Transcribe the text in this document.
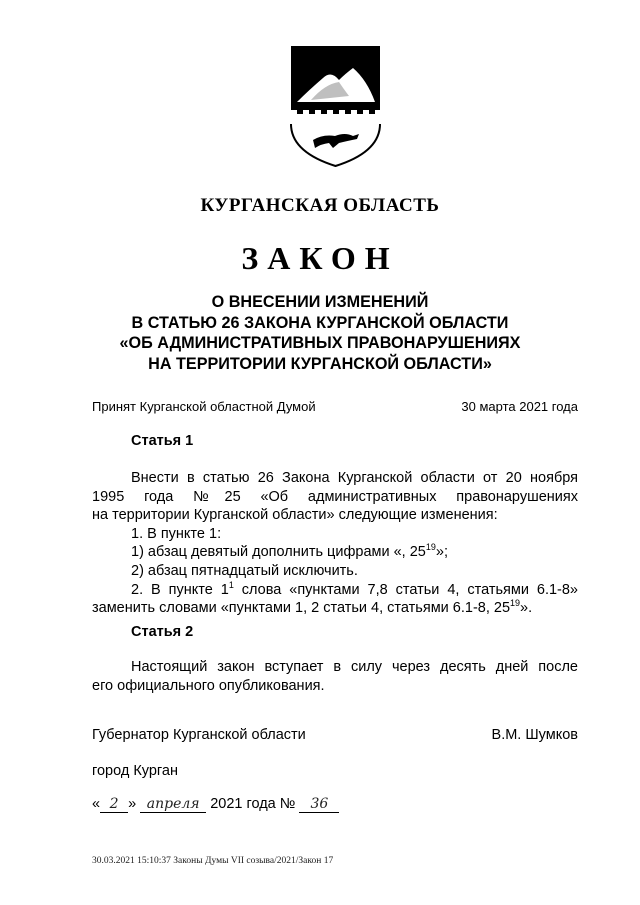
КУРГАНСКАЯ ОБЛАСТЬ
ЗАКОН
О ВНЕСЕНИИ ИЗМЕНЕНИЙ
В СТАТЬЮ 26 ЗАКОНА КУРГАНСКОЙ ОБЛАСТИ
«ОБ АДМИНИСТРАТИВНЫХ ПРАВОНАРУШЕНИЯХ
НА ТЕРРИТОРИИ КУРГАНСКОЙ ОБЛАСТИ»
Принят Курганской областной Думой	30 марта 2021 года
Статья 1
Внести в статью 26 Закона Курганской области от 20 ноября
1995 года №25 «Об административных правонарушениях
на территории Курганской области» следующие изменения:
1. В пункте 1:
1) абзац девятый дополнить цифрами «, $25^{19}$»;
2) абзац пятнадцатый исключить.
2. В пункте $1^1$ слова «пунктами 7,8 статьи 4, статьями 6.1-8»
заменить словами «пунктами 1, 2 статьи 4, статьями 6.1-8, $25^{19}$».
Статья 2
Настоящий закон вступает в силу через десять дней после
его официального опубликования.
Губернатор Курганской области	В.М. Шумков
город Курган
« 2 » апреля 2021 года № 36
30.03.2021 15:10:37 Законы Думы VII созыва/2021/Закон 17
